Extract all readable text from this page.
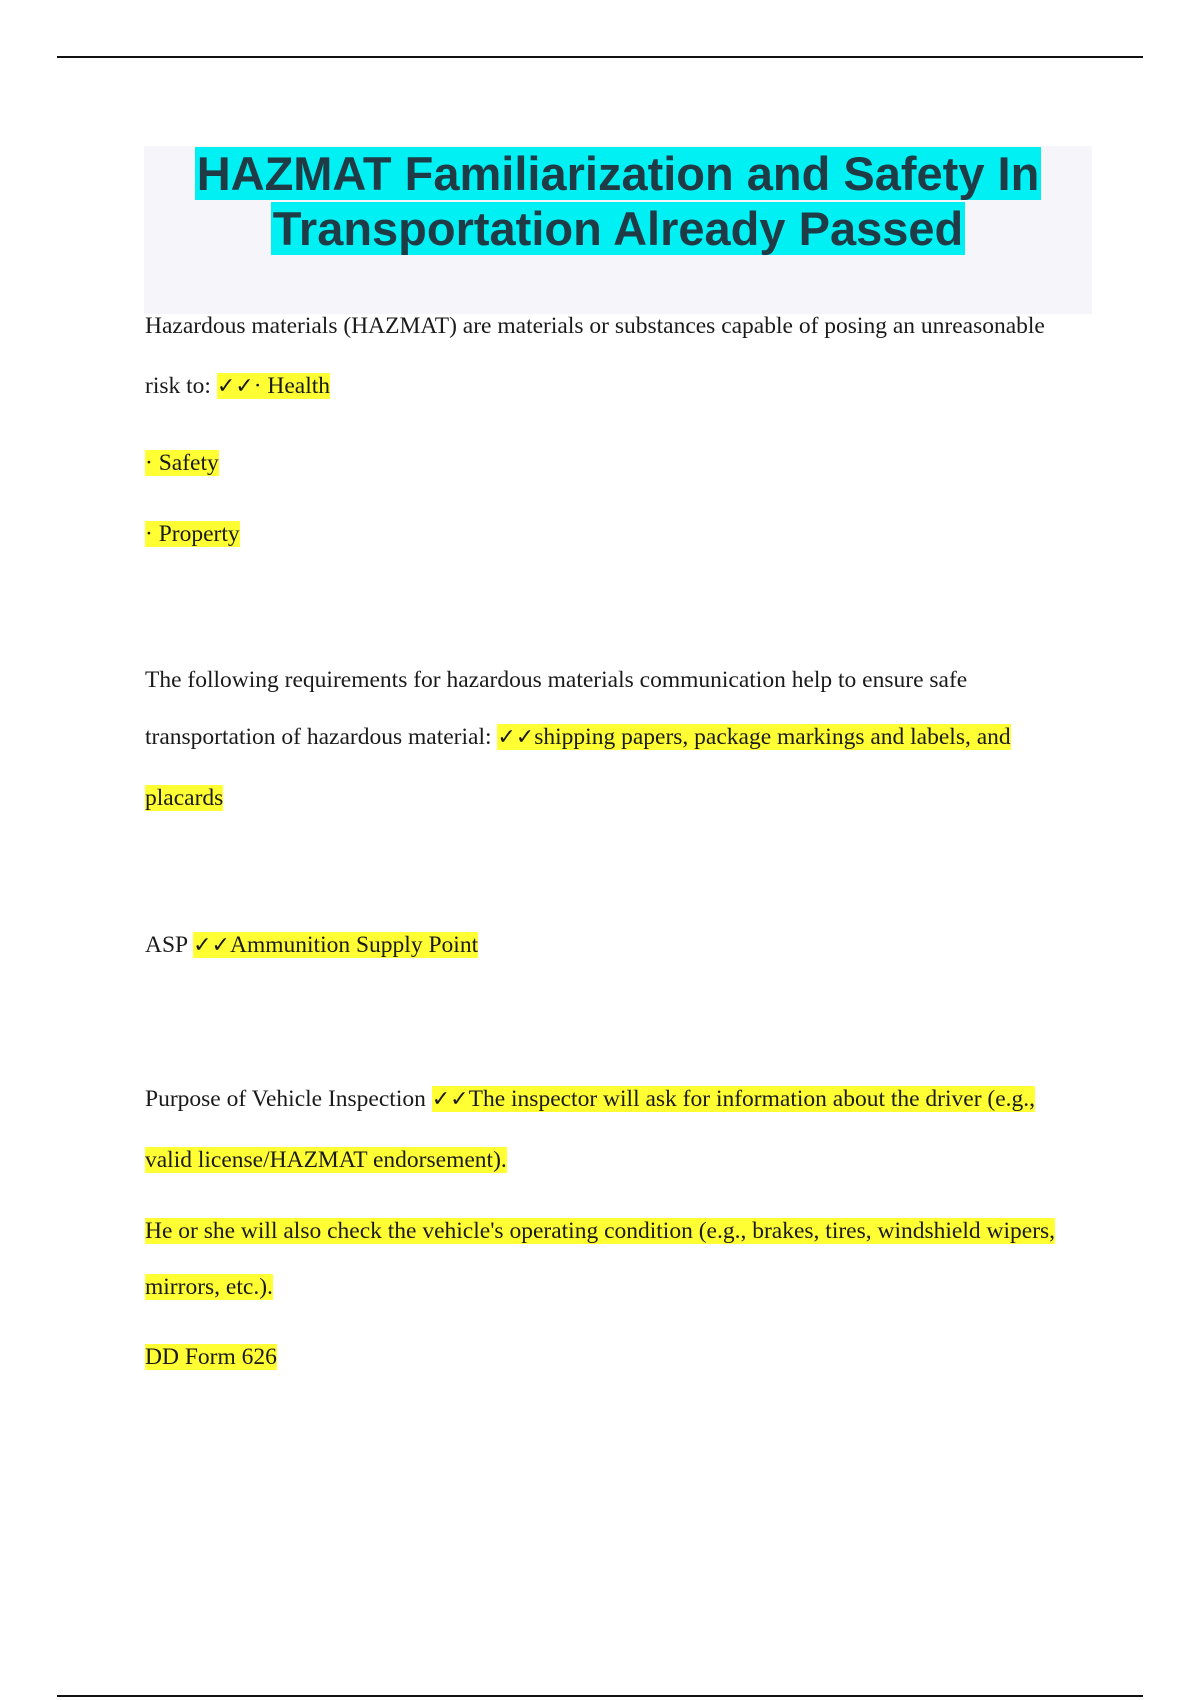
HAZMAT Familiarization and Safety In
Transportation Already Passed
Hazardous materials (HAZMAT) are materials or substances capable of posing an unreasonable
risk to: ✓✓· Health
· Safety
· Property
The following requirements for hazardous materials communication help to ensure safe
transportation of hazardous material: ✓✓shipping papers, package markings and labels, and
placards
ASP ✓✓Ammunition Supply Point
Purpose of Vehicle Inspection ✓✓The inspector will ask for information about the driver (e.g.,
valid license/HAZMAT endorsement).
He or she will also check the vehicle's operating condition (e.g., brakes, tires, windshield wipers,
mirrors, etc.).
DD Form 626
